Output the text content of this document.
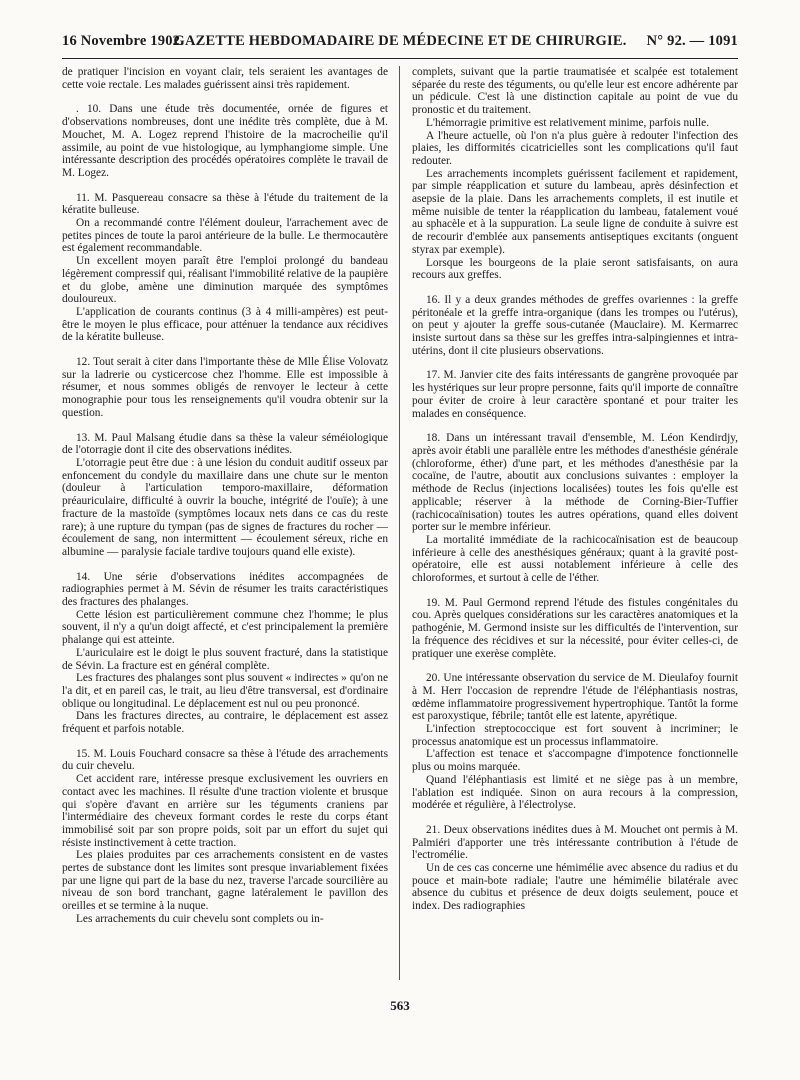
16 Novembre 1902.
GAZETTE HEBDOMADAIRE DE MÉDECINE ET DE CHIRURGIE.	N° 92. — 1091

de pratiquer l'incision en voyant clair, tels seraient les avantages de cette voie rectale. Les malades guérissent ainsi très rapidement.

. 10. Dans une étude très documentée, ornée de figures et d'observations nombreuses, dont une inédite très complète, due à M. Mouchet, M. A. Logez reprend l'histoire de la macrocheilie qu'il assimile, au point de vue histologique, au lymphangiome simple. Une intéressante description des procédés opératoires complète le travail de M. Logez.

11. M. Pasquereau consacre sa thèse à l'étude du traitement de la kératite bulleuse.

On a recommandé contre l'élément douleur, l'arrachement avec de petites pinces de toute la paroi antérieure de la bulle. Le thermocautère est également recommandable.

Un excellent moyen paraît être l'emploi prolongé du bandeau légèrement compressif qui, réalisant l'immobilité relative de la paupière et du globe, amène une diminution marquée des symptômes douloureux.

L'application de courants continus (3 à 4 milli-ampères) est peut-être le moyen le plus efficace, pour atténuer la tendance aux récidives de la kératite bulleuse.

12. Tout serait à citer dans l'importante thèse de Mlle Élise Volovatz sur la ladrerie ou cysticercose chez l'homme. Elle est impossible à résumer, et nous sommes obligés de renvoyer le lecteur à cette monographie pour tous les renseignements qu'il voudra obtenir sur la question.

13. M. Paul Malsang étudie dans sa thèse la valeur séméiologique de l'otorragie dont il cite des observations inédites.

L'otorragie peut être due : à une lésion du conduit auditif osseux par enfoncement du condyle du maxillaire dans une chute sur le menton (douleur à l'articulation temporo-maxillaire, déformation préauriculaire, difficulté à ouvrir la bouche, intégrité de l'ouïe); à une fracture de la mastoïde (symptômes locaux nets dans ce cas du reste rare); à une rupture du tympan (pas de signes de fractures du rocher — écoulement de sang, non intermittent — écoulement séreux, riche en albumine — paralysie faciale tardive toujours quand elle existe).

14. Une série d'observations inédites accompagnées de radiographies permet à M. Sévin de résumer les traits caractéristiques des fractures des phalanges.

Cette lésion est particulièrement commune chez l'homme; le plus souvent, il n'y a qu'un doigt affecté, et c'est principalement la première phalange qui est atteinte.

L'auriculaire est le doigt le plus souvent fracturé, dans la statistique de Sévin. La fracture est en général complète.

Les fractures des phalanges sont plus souvent « indirectes » qu'on ne l'a dit, et en pareil cas, le trait, au lieu d'être transversal, est d'ordinaire oblique ou longitudinal. Le déplacement est nul ou peu prononcé.

Dans les fractures directes, au contraire, le déplacement est assez fréquent et parfois notable.

15. M. Louis Fouchard consacre sa thèse à l'étude des arrachements du cuir chevelu.

Cet accident rare, intéresse presque exclusivement les ouvriers en contact avec les machines. Il résulte d'une traction violente et brusque qui s'opère d'avant en arrière sur les téguments craniens par l'intermédiaire des cheveux formant cordes le reste du corps étant immobilisé soit par son propre poids, soit par un effort du sujet qui résiste instinctivement à cette traction.

Les plaies produites par ces arrachements consistent en de vastes pertes de substance dont les limites sont presque invariablement fixées par une ligne qui part de la base du nez, traverse l'arcade sourcilière au niveau de son bord tranchant, gagne latéralement le pavillon des oreilles et se termine à la nuque.

Les arrachements du cuir chevelu sont complets ou in-

complets, suivant que la partie traumatisée et scalpée est totalement séparée du reste des téguments, ou qu'elle leur est encore adhérente par un pédicule. C'est là une distinction capitale au point de vue du pronostic et du traitement.

L'hémorragie primitive est relativement minime, parfois nulle.

A l'heure actuelle, où l'on n'a plus guère à redouter l'infection des plaies, les difformités cicatricielles sont les complications qu'il faut redouter.

Les arrachements incomplets guérissent facilement et rapidement, par simple réapplication et suture du lambeau, après désinfection et asepsie de la plaie. Dans les arrachements complets, il est inutile et même nuisible de tenter la réapplication du lambeau, fatalement voué au sphacèle et à la suppuration. La seule ligne de conduite à suivre est de recourir d'emblée aux pansements antiseptiques excitants (onguent styrax par exemple).

Lorsque les bourgeons de la plaie seront satisfaisants, on aura recours aux greffes.

16. Il y a deux grandes méthodes de greffes ovariennes : la greffe péritonéale et la greffe intra-organique (dans les trompes ou l'utérus), on peut y ajouter la greffe sous-cutanée (Mauclaire). M. Kermarrec insiste surtout dans sa thèse sur les greffes intra-salpingiennes et intra-utérins, dont il cite plusieurs observations.

17. M. Janvier cite des faits intéressants de gangrène provoquée par les hystériques sur leur propre personne, faits qu'il importe de connaître pour éviter de croire à leur caractère spontané et pour traiter les malades en conséquence.

18. Dans un intéressant travail d'ensemble, M. Léon Kendirdjy, après avoir établi une parallèle entre les méthodes d'anesthésie générale (chloroforme, éther) d'une part, et les méthodes d'anesthésie par la cocaïne, de l'autre, aboutit aux conclusions suivantes : employer la méthode de Reclus (injections localisées) toutes les fois qu'elle est applicable; réserver à la méthode de Corning-Bier-Tuffier (rachicocaïnisation) toutes les autres opérations, quand elles doivent porter sur le membre inférieur.

La mortalité immédiate de la rachicocaïnisation est de beaucoup inférieure à celle des anesthésiques généraux; quant à la gravité post-opératoire, elle est aussi notablement inférieure à celle des chloroformes, et surtout à celle de l'éther.

19. M. Paul Germond reprend l'étude des fistules congénitales du cou. Après quelques considérations sur les caractères anatomiques et la pathogénie, M. Germond insiste sur les difficultés de l'intervention, sur la fréquence des récidives et sur la nécessité, pour éviter celles-ci, de pratiquer une exerèse complète.

20. Une intéressante observation du service de M. Dieulafoy fournit à M. Herr l'occasion de reprendre l'étude de l'éléphantiasis nostras, œdème inflammatoire progressivement hypertrophique. Tantôt la forme est paroxystique, fébrile; tantôt elle est latente, apyrétique.

L'infection streptococcique est fort souvent à incriminer; le processus anatomique est un processus inflammatoire.

L'affection est tenace et s'accompagne d'impotence fonctionnelle plus ou moins marquée.

Quand l'éléphantiasis est limité et ne siège pas à un membre, l'ablation est indiquée. Sinon on aura recours à la compression, modérée et régulière, à l'électrolyse.

21. Deux observations inédites dues à M. Mouchet ont permis à M. Palmiéri d'apporter une très intéressante contribution à l'étude de l'ectromélie.

Un de ces cas concerne une hémimélie avec absence du radius et du pouce et main-bote radiale; l'autre une hémimélie bilatérale avec absence du cubitus et présence de deux doigts seulement, pouce et index. Des radiographies

563
